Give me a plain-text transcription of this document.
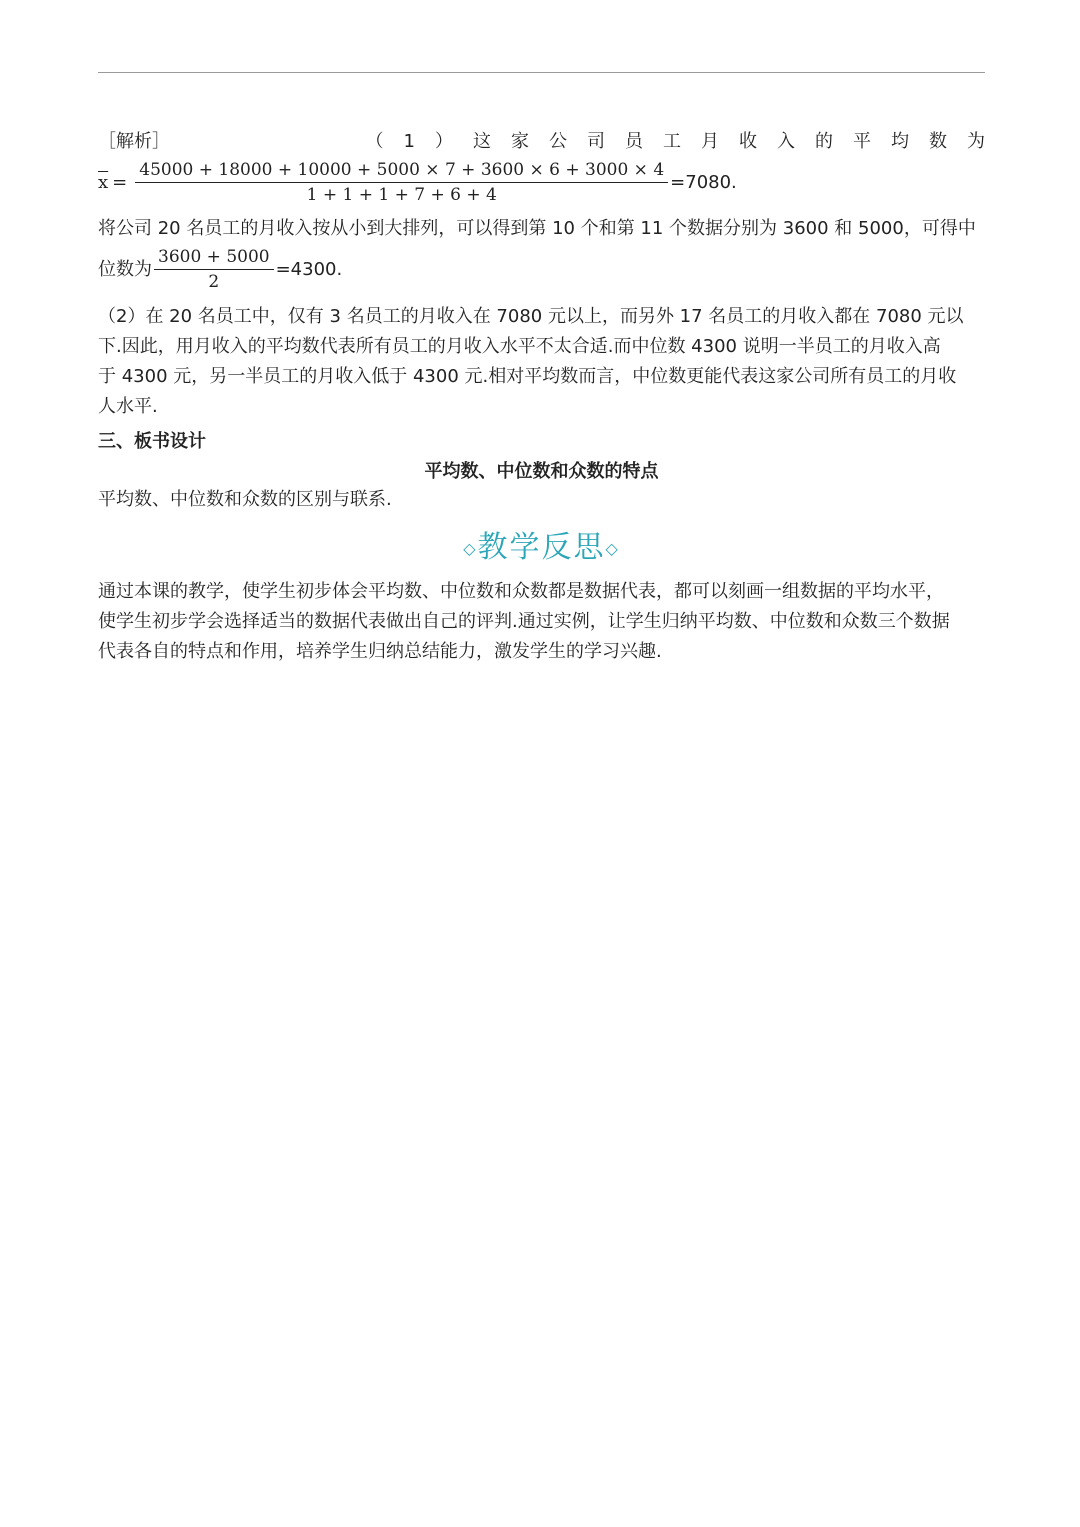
［解析］	（1）这家公司员工月收入的平均数为
$\overline{x} = \frac{45000 + 18000 + 10000 + 5000 \times 7 + 3600 \times 6 + 3000 \times 4}{1 + 1 + 1 + 7 + 6 + 4} =7080$.
将公司 20 名员工的月收入按从小到大排列，可以得到第 10 个和第 11 个数据分别为 3600 和 5000，可得中
位数为 $\frac{3600 + 5000}{2} =4300$.
（2）在 20 名员工中，仅有 3 名员工的月收入在 7080 元以上，而另外 17 名员工的月收入都在 7080 元以
下.因此，用月收入的平均数代表所有员工的月收入水平不太合适.而中位数 4300 说明一半员工的月收入高
于 4300 元，另一半员工的月收入低于 4300 元.相对平均数而言，中位数更能代表这家公司所有员工的月收
人水平.
三、板书设计
平均数、中位数和众数的特点
平均数、中位数和众数的区别与联系.
◇教学反思◇
通过本课的教学，使学生初步体会平均数、中位数和众数都是数据代表，都可以刻画一组数据的平均水平，
使学生初步学会选择适当的数据代表做出自己的评判.通过实例，让学生归纳平均数、中位数和众数三个数据
代表各自的特点和作用，培养学生归纳总结能力，激发学生的学习兴趣.
